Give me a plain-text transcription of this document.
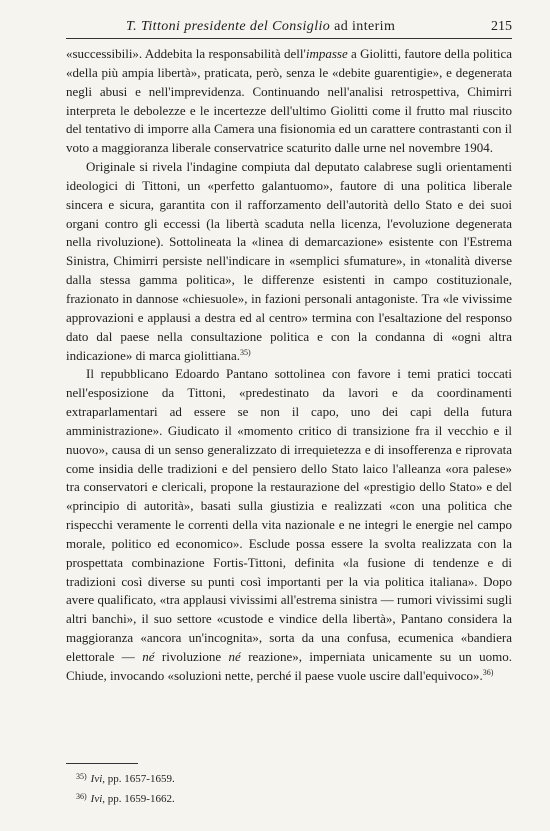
T. Tittoni presidente del Consiglio ad interim	215

«successibili». Addebita la responsabilità dell'impasse a Giolitti, fautore della politica «della più ampia libertà», praticata, però, senza le «debite guarentigie», e degenerata negli abusi e nell'imprevidenza. Continuando nell'analisi retrospettiva, Chimirri interpreta le debolezze e le incertezze dell'ultimo Giolitti come il frutto mal riuscito del tentativo di imporre alla Camera una fisionomia ed un carattere contrastanti con il voto a maggioranza liberale conservatrice scaturito dalle urne nel novembre 1904.

Originale si rivela l'indagine compiuta dal deputato calabrese sugli orientamenti ideologici di Tittoni, un «perfetto galantuomo», fautore di una politica liberale sincera e sicura, garantita con il rafforzamento dell'autorità dello Stato e dei suoi organi contro gli eccessi (la libertà scaduta nella licenza, l'evoluzione degenerata nella rivoluzione). Sottolineata la «linea di demarcazione» esistente con l'Estrema Sinistra, Chimirri persiste nell'indicare in «semplici sfumature», in «tonalità diverse dalla stessa gamma politica», le differenze esistenti in campo costituzionale, frazionato in dannose «chiesuole», in fazioni personali antagoniste. Tra «le vivissime approvazioni e applausi a destra ed al centro» termina con l'esaltazione del responso dato dal paese nella consultazione politica e con la condanna di «ogni altra indicazione» di marca giolittiana.$^{35)}$

Il repubblicano Edoardo Pantano sottolinea con favore i temi pratici toccati nell'esposizione da Tittoni, «predestinato da lavori e da coordinamenti extraparlamentari ad essere se non il capo, uno dei capi della futura amministrazione». Giudicato il «momento critico di transizione fra il vecchio e il nuovo», causa di un senso generalizzato di irrequietezza e di insofferenza e riprovata come insidia delle tradizioni e del pensiero dello Stato laico l'alleanza «ora palese» tra conservatori e clericali, propone la restaurazione del «prestigio dello Stato» e del «principio di autorità», basati sulla giustizia e realizzati «con una politica che rispecchi veramente le correnti della vita nazionale e ne integri le energie nel campo morale, politico ed economico». Esclude possa essere la svolta realizzata con la prospettata combinazione Fortis-Tittoni, definita «la fusione di tendenze e di tradizioni così diverse su punti così importanti per la via politica italiana». Dopo avere qualificato, «tra applausi vivissimi all'estrema sinistra — rumori vivissimi sugli altri banchi», il suo settore «custode e vindice della libertà», Pantano considera la maggioranza «ancora un'incognita», sorta da una confusa, ecumenica «bandiera elettorale — né rivoluzione né reazione», imperniata unicamente su un uomo. Chiude, invocando «soluzioni nette, perché il paese vuole uscire dall'equivoco».$^{36)}$

$^{35)}$ Ivi, pp. 1657-1659.
$^{36)}$ Ivi, pp. 1659-1662.
